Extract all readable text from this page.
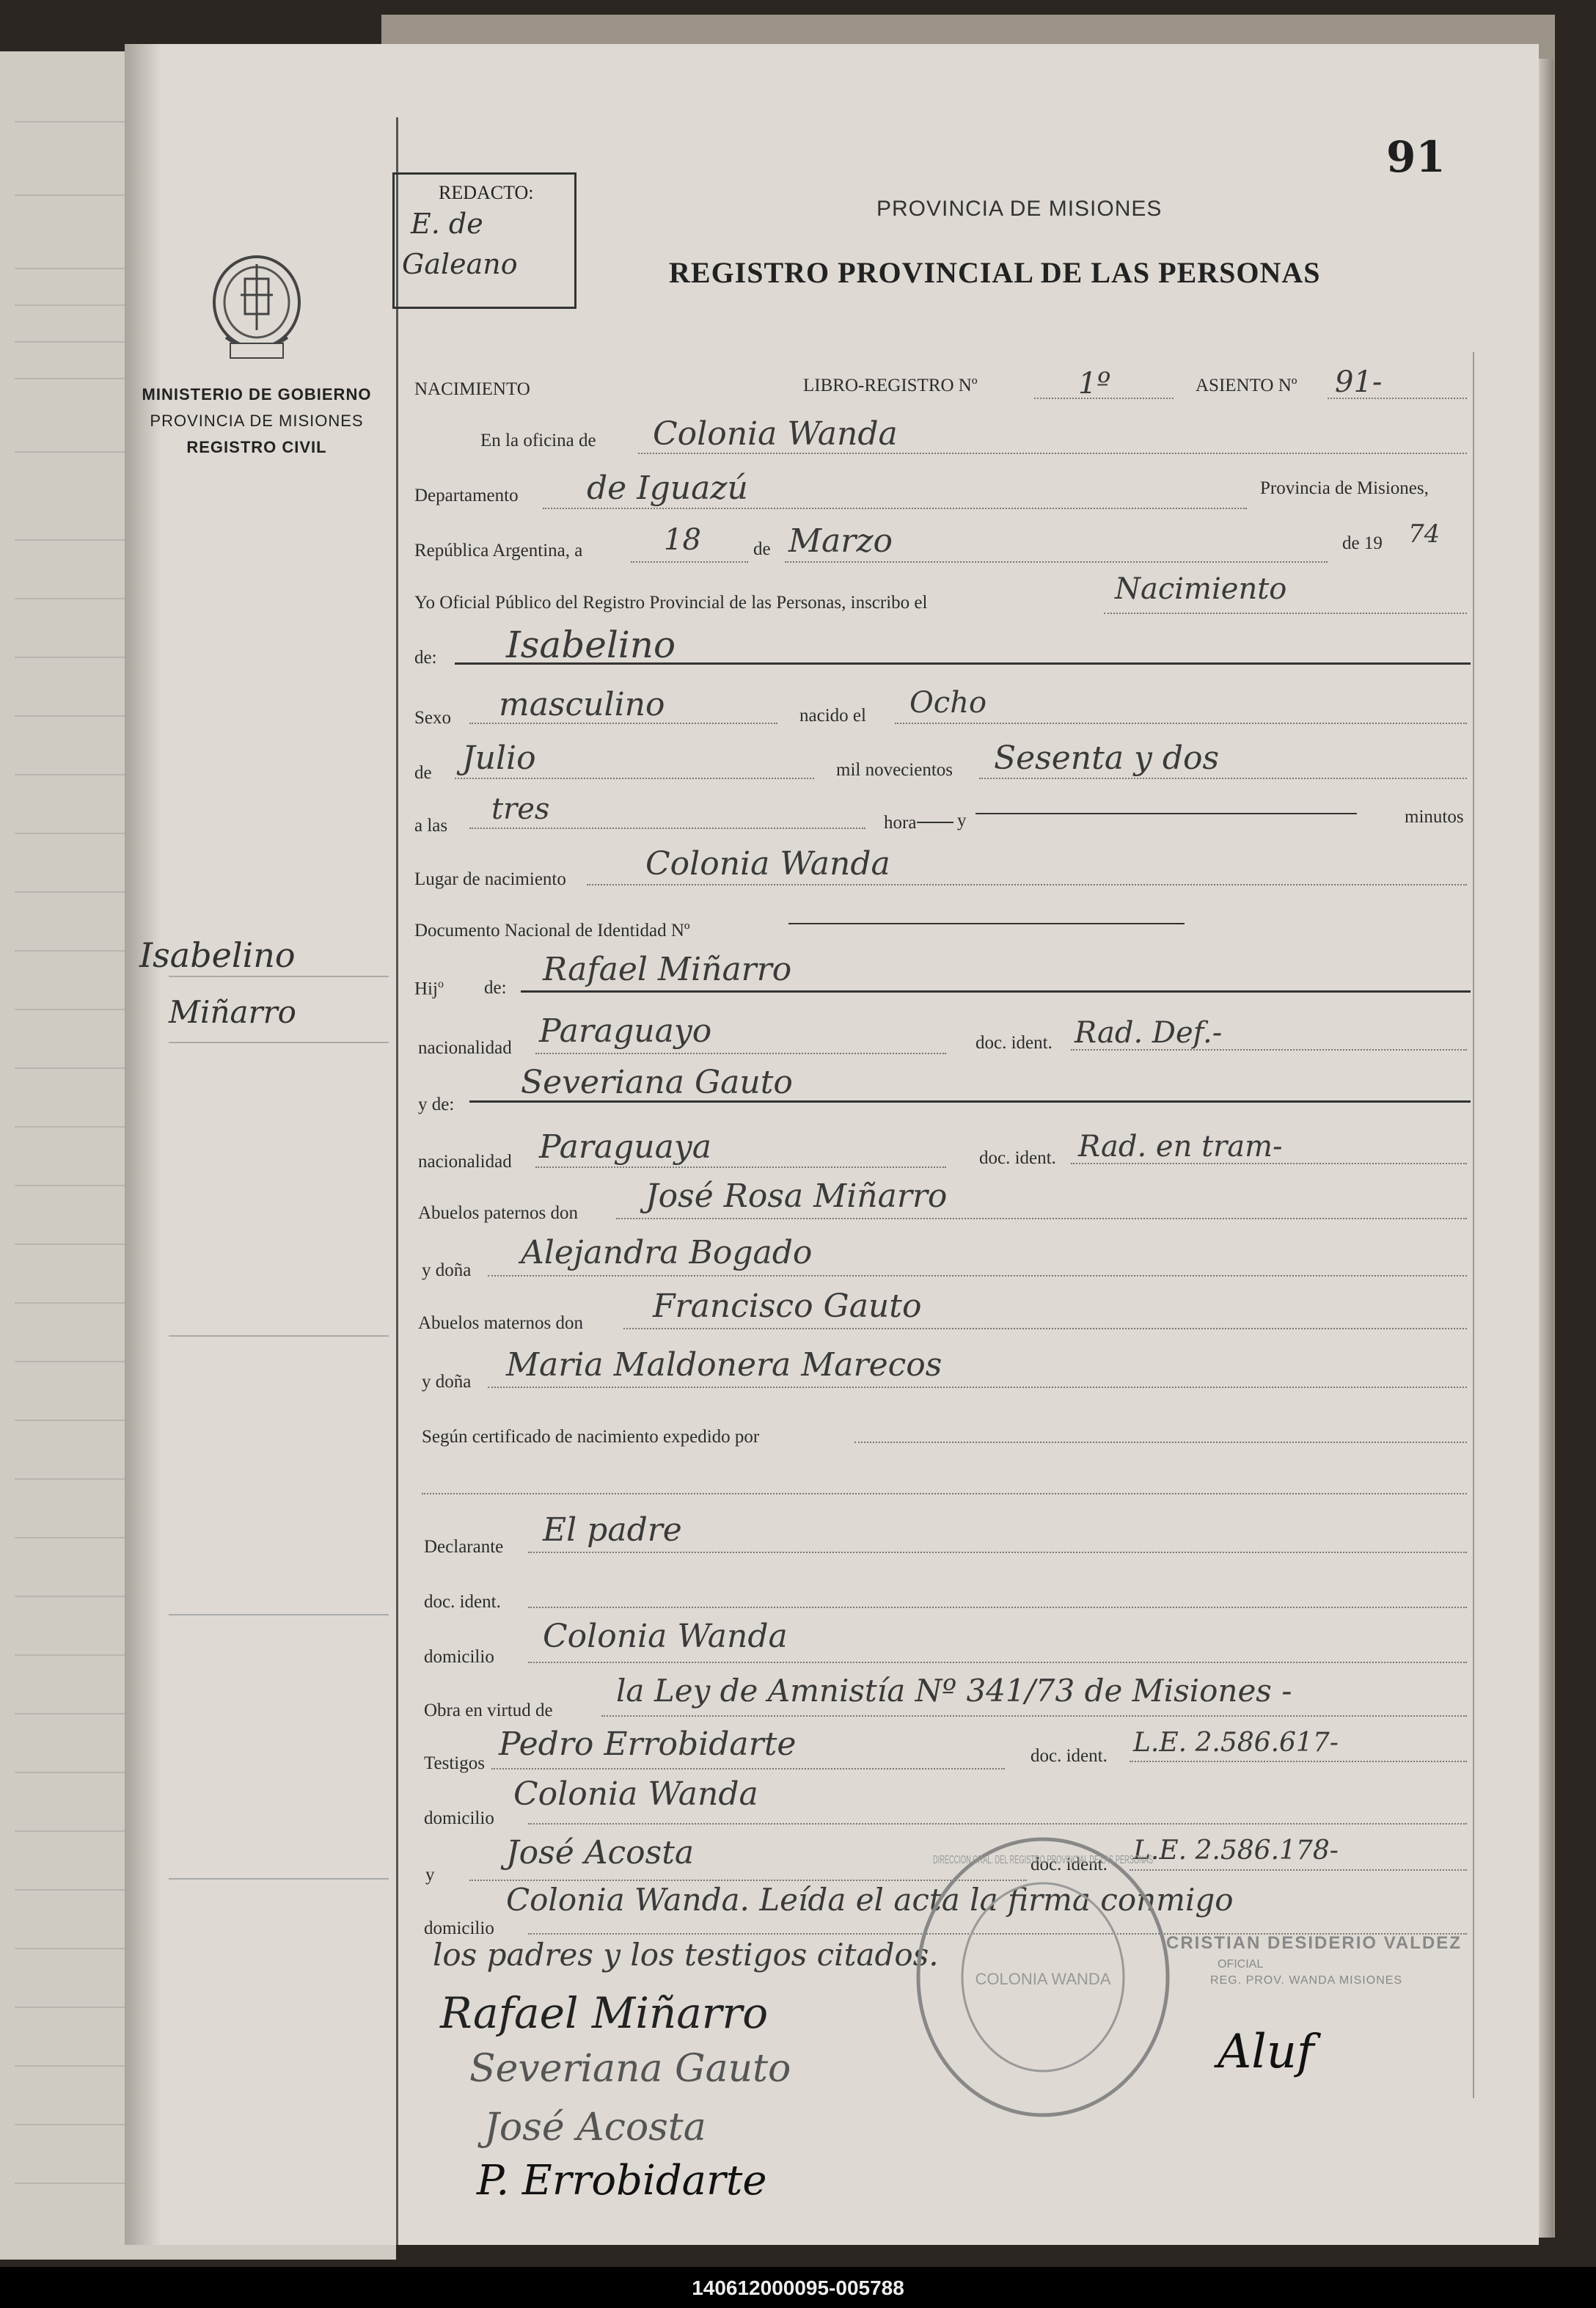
91
REDACTO:
E. de
Galeano
PROVINCIA DE MISIONES
REGISTRO PROVINCIAL DE LAS PERSONAS
MINISTERIO DE GOBIERNO
PROVINCIA DE MISIONES
REGISTRO CIVIL
Isabelino
Miñarro
NACIMIENTO	LIBRO-REGISTRO Nº	1º	ASIENTO Nº 91-
En la oficina de Colonia Wanda
Departamento de Iguazú	Provincia de Misiones,
República Argentina, a	18	de Marzo	de 19 74
Yo Oficial Público del Registro Provincial de las Personas, inscribo el	Nacimiento
de: Isabelino
Sexo masculino	nacido el Ocho
de Julio	mil novecientos Sesenta y dos
a las tres	hora y	minutos
Lugar de nacimiento Colonia Wanda
Documento Nacional de Identidad Nº
Hij$^o$ de: Rafael Miñarro
nacionalidad Paraguayo	doc. ident. Rad. Def.-
y de:
Severiana Gauto
nacionalidad Paraguaya	doc. ident. Rad. en tram-
Abuelos paternos don José Rosa Miñarro
y doña Alejandra Bogado
Abuelos maternos don Francisco Gauto
y doña Maria Maldonera Marecos
Según certificado de nacimiento expedido por
Declarante El padre
doc. ident.
domicilio
Colonia Wanda
Obra en virtud de
la Ley de Amnistía Nº 341/73 de Misiones -
Testigos
Pedro Errobidarte	doc. ident. L.E. 2.586.617-
domicilio
Colonia Wanda
y
José Acosta	doc. ident. L.E. 2.586.178-
domicilio
Colonia Wanda. Leída el acta la firma conmigo
los padres y los testigos citados.
COLONIA WANDA
DIRECCION GRAL. DEL REGISTRO PROVINCIAL DE LAS PERSONAS
CRISTIAN DESIDERIO VALDEZ
OFICIAL
REG. PROV. WANDA MISIONES
Rafael Miñarro
Severiana Gauto
José Acosta
P. Errobidarte
Aluf
140612000095-005788
